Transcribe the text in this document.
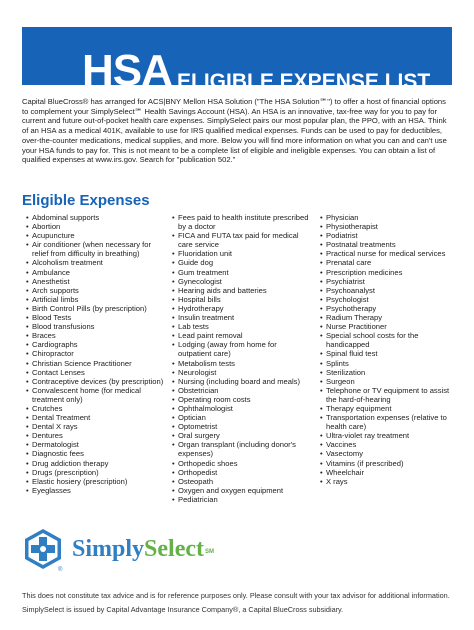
HSA ELIGIBLE EXPENSE LIST

Capital BlueCross® has arranged for ACS|BNY Mellon HSA Solution ("The HSA Solution℠") to offer a host of financial options to complement your SimplySelect℠ Health Savings Account (HSA). An HSA is an innovative, tax-free way for you to pay for current and future out-of-pocket health care expenses. SimplySelect pairs our most popular plan, the PPO, with an HSA. Think of an HSA as a medical 401K, available to use for IRS qualified medical expenses. Funds can be used to pay for deductibles, over-the-counter medications, medical supplies, and more. Below you will find more information on what you can and can't use your HSA funds to pay for. This is not meant to be a complete list of eligible and ineligible expenses. You can obtain a list of qualified expenses at www.irs.gov. Search for "publication 502."

Eligible Expenses
• Abdominal supports
• Abortion
• Acupuncture
• Air conditioner (when necessary for relief from difficulty in breathing)
• Alcoholism treatment
• Ambulance
• Anesthetist
• Arch supports
• Artificial limbs
• Birth Control Pills (by prescription)
• Blood Tests
• Blood transfusions
• Braces
• Cardiographs
• Chiropractor
• Christian Science Practitioner
• Contact Lenses
• Contraceptive devices (by prescription)
• Convalescent home (for medical treatment only)
• Crutches
• Dental Treatment
• Dental X rays
• Dentures
• Dermatologist
• Diagnostic fees
• Drug addiction therapy
• Drugs (prescription)
• Elastic hosiery (prescription)
• Eyeglasses
• Fees paid to health institute prescribed by a doctor
• FICA and FUTA tax paid for medical care service
• Fluoridation unit
• Guide dog
• Gum treatment
• Gynecologist
• Hearing aids and batteries
• Hospital bills
• Hydrotherapy
• Insulin treatment
• Lab tests
• Lead paint removal
• Lodging (away from home for outpatient care)
• Metabolism tests
• Neurologist
• Nursing (including board and meals)
• Obstetrician
• Operating room costs
• Ophthalmologist
• Optician
• Optometrist
• Oral surgery
• Organ transplant (including donor's expenses)
• Orthopedic shoes
• Orthopedist
• Osteopath
• Oxygen and oxygen equipment
• Pediatrician
• Physician
• Physiotherapist
• Podiatrist
• Postnatal treatments
• Practical nurse for medical services
• Prenatal care
• Prescription medicines
• Psychiatrist
• Psychoanalyst
• Psychologist
• Psychotherapy
• Radium Therapy
• Nurse Practitioner
• Special school costs for the handicapped
• Spinal fluid test
• Splints
• Sterilization
• Surgeon
• Telephone or TV equipment to assist the hard-of-hearing
• Therapy equipment
• Transportation expenses (relative to health care)
• Ultra-violet ray treatment
• Vaccines
• Vasectomy
• Vitamins (if prescribed)
• Wheelchair
• X rays
®
SimplySelect℠
This does not constitute tax advice and is for reference purposes only. Please consult with your tax advisor for additional information.
SimplySelect is issued by Capital Advantage Insurance Company®, a Capital BlueCross subsidiary.
